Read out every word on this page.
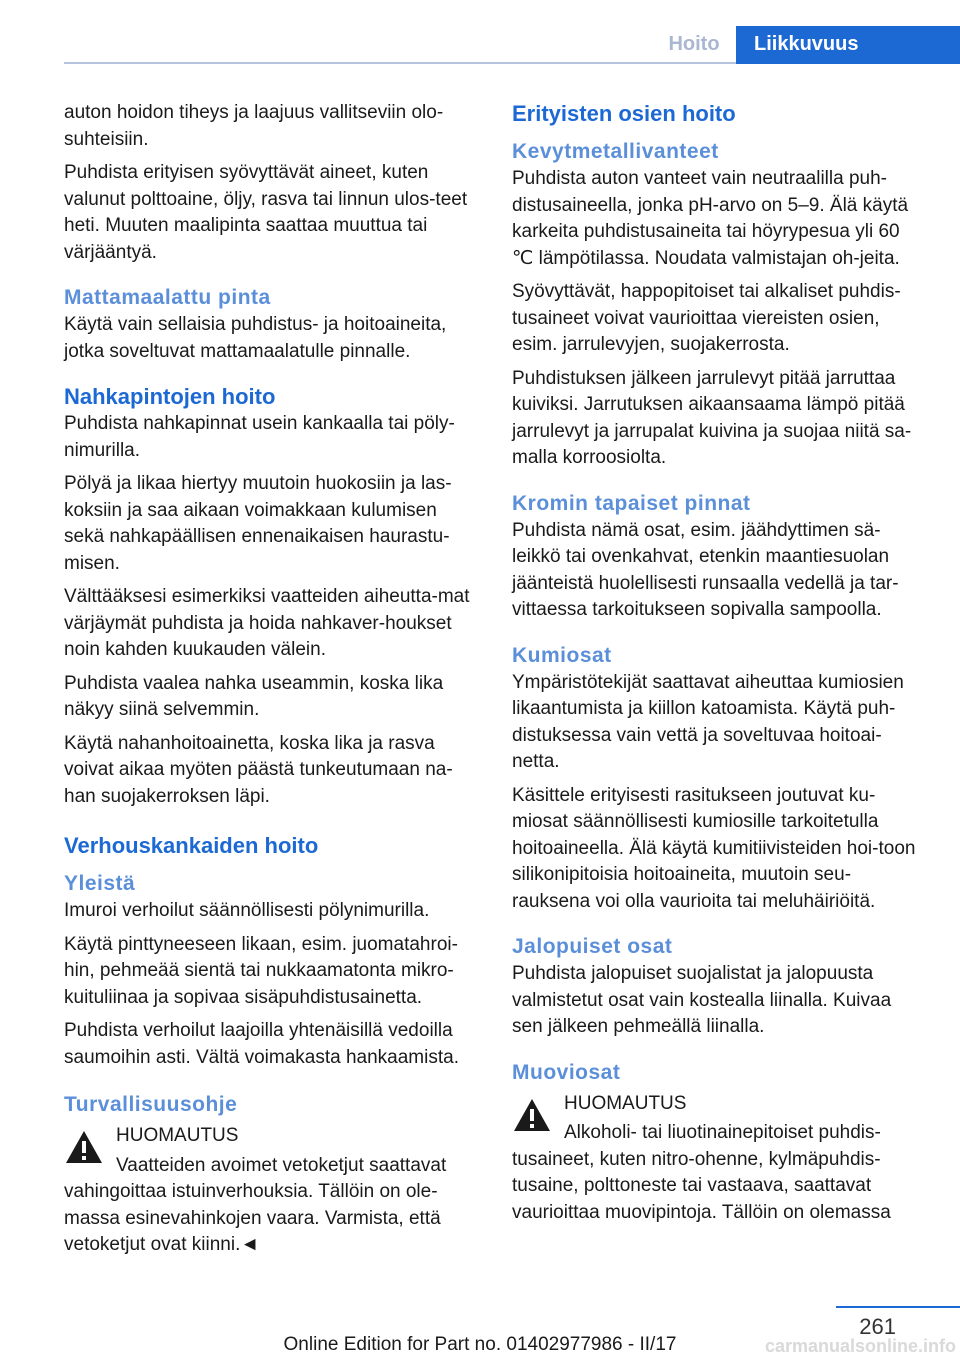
Hoito	Liikkuvuus

auton hoidon tiheys ja laajuus vallitseviin olo-suhteisiin.

Puhdista erityisen syövyttävät aineet, kuten valunut polttoaine, öljy, rasva tai linnun ulos-teet heti. Muuten maalipinta saattaa muuttua tai värjääntyä.

Mattamaalattu pinta

Käytä vain sellaisia puhdistus- ja hoitoaineita, jotka soveltuvat mattamaalatulle pinnalle.

Nahkapintojen hoito

Puhdista nahkapinnat usein kankaalla tai pöly-nimurilla.

Pölyä ja likaa hiertyy muutoin huokosiin ja las-koksiin ja saa aikaan voimakkaan kulumisen sekä nahkapäällisen ennenaikaisen haurastu-misen.

Välttääksesi esimerkiksi vaatteiden aiheutta-mat värjäymät puhdista ja hoida nahkaver-houkset noin kahden kuukauden välein.

Puhdista vaalea nahka useammin, koska lika näkyy siinä selvemmin.

Käytä nahanhoitoainetta, koska lika ja rasva voivat aikaa myöten päästä tunkeutumaan na-han suojakerroksen läpi.

Verhouskankaiden hoito
Yleistä

Imuroi verhoilut säännöllisesti pölynimurilla.

Käytä pinttyneeseen likaan, esim. juomatahroi-hin, pehmeää sientä tai nukkaamatonta mikro-kuituliinaa ja sopivaa sisäpuhdistusainetta.

Puhdista verhoilut laajoilla yhtenäisillä vedoilla saumoihin asti. Vältä voimakasta hankaamista.

Turvallisuusohje

HUOMAUTUS

Vaatteiden avoimet vetoketjut saattavat vahingoittaa istuinverhouksia. Tällöin on ole-massa esinevahinkojen vaara. Varmista, että vetoketjut ovat kiinni.◄

Erityisten osien hoito
Kevytmetallivanteet

Puhdista auton vanteet vain neutraalilla puh-distusaineella, jonka pH-arvo on 5–9. Älä käytä karkeita puhdistusaineita tai höyrypesua yli 60 ℃ lämpötilassa. Noudata valmistajan oh-jeita.

Syövyttävät, happopitoiset tai alkaliset puhdis-tusaineet voivat vaurioittaa viereisten osien, esim. jarrulevyjen, suojakerrosta.

Puhdistuksen jälkeen jarrulevyt pitää jarruttaa kuiviksi. Jarrutuksen aikaansaama lämpö pitää jarrulevyt ja jarrupalat kuivina ja suojaa niitä sa-malla korroosiolta.

Kromin tapaiset pinnat

Puhdista nämä osat, esim. jäähdyttimen sä-leikkö tai ovenkahvat, etenkin maantiesuolan jäänteistä huolellisesti runsaalla vedellä ja tar-vittaessa tarkoitukseen sopivalla sampoolla.

Kumiosat

Ympäristötekijät saattavat aiheuttaa kumiosien likaantumista ja kiillon katoamista. Käytä puh-distuksessa vain vettä ja soveltuvaa hoitoai-netta.

Käsittele erityisesti rasitukseen joutuvat ku-miosat säännöllisesti kumiosille tarkoitetulla hoitoaineella. Älä käytä kumitiivisteiden hoi-toon silikonipitoisia hoitoaineita, muutoin seu-rauksena voi olla vaurioita tai meluhäiriöitä.

Jalopuiset osat

Puhdista jalopuiset suojalistat ja jalopuusta valmistetut osat vain kostealla liinalla. Kuivaa sen jälkeen pehmeällä liinalla.

Muoviosat

HUOMAUTUS

Alkoholi- tai liuotinainepitoiset puhdis-tusaineet, kuten nitro-ohenne, kylmäpuhdis-tusaine, polttoneste tai vastaava, saattavat vaurioittaa muovipintoja. Tällöin on olemassa

261
Online Edition for Part no. 01402977986 - II/17	carmanualsonline.info
